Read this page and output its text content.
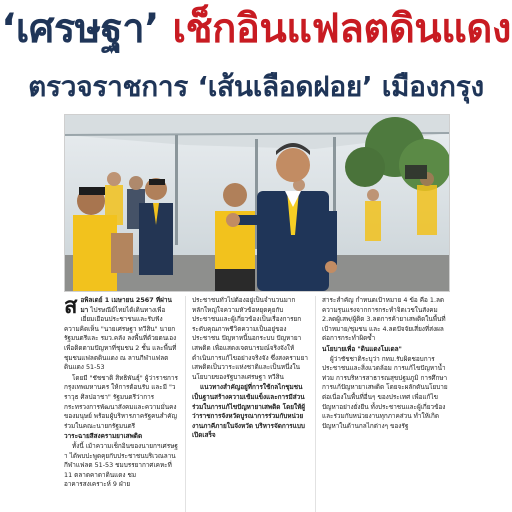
‘เศรษฐา’ เช็กอินแฟลตดินแดง
ตรวจราชการ ‘เส้นเลือดฝอย’ เมืองกรุง

สอพิลเดย์ 1 เมษายน 2567 ที่ผ่านมา ไปรษณีย์ไทยได้เดินทางเพื่อเยี่ยมเยือนประชาชนและรับฟังความคิดเห็น "นายเศรษฐา ทวีสิน" นายกรัฐมนตรีและ รมว.คลัง ลงพื้นที่ด้วยตนเองเพื่อติดตามปัญหาที่ชุมชน 2 ชั้น และพื้นที่ชุมชนแฟลตดินแดง ณ ลานกีฬาแฟลตดินแดง 51-53

โดยมี "ชัชชาติ สิทธิพันธุ์" ผู้ว่าราชการกรุงเทพมหานคร ให้การต้อนรับ และมี "วราวุธ ศิลปอาชา" รัฐมนตรีว่าการกระทรวงการพัฒนาสังคมและความมั่นคงของมนุษย์ พร้อมผู้บริหารภาครัฐคนสำคัญร่วมในคณะนายกรัฐมนตรี

วาระฉายสีสงครามยาเสพติด

ทั้งนี้ เม้าความเช็กอินของนายกฯเศรษฐา ได้พบปะพูดคุยกับประชาชนบริเวณลานกีฬาแฟลต 51-53 ชมบรรยากาศเคหะที่ 11 ตลาดคาดาดินแดง ชมอาคารสงเคราะห์ 9 ฝ่าย

ประชาชนทั่วไปต้องอยู่เป็นจำนวนมาก หลักใหญ่ใจความหัวข้อหยุดคุยกับประชาชนและผู้เกี่ยวข้องเป็นเรื่องการยกระดับคุณภาพชีวิตความเป็นอยู่ของประชาชน ปัญหาหนี้นอกระบบ ปัญหายาเสพติด เพื่อแสดงเจตนารมณ์จริงจังให้ดำเนินการแก้ไขอย่างจริงจัง ซึ่งสงครามยาเสพติดเป็นวาระแห่งชาติและเป็นหนึ่งในนโยบายของรัฐบาลเศรษฐา ทวีสิน

แนวทางสำคัญอยู่ที่การใช้กลไกชุมชน เป็นฐานสร้างความเข้มแข็งและการมีส่วนร่วมในการแก้ไขปัญหายาเสพติด โดยให้ผู้ว่าราชการจังหวัดบูรณาการร่วมกับหน่วยงานภาคีภายในจังหวัด บริหารจัดการแบบเปิดเสร็จ

สาระสำคัญ กำหนดเป้าหมาย 4 ข้อ คือ 1.ลดความรุนแรงจากการกระทำจิตเวชในสังคม 2.ลดผู้เสพ/ผู้ติด 3.ลดการค้ายาเสพติดในพื้นที่เป้าหมาย/ชุมชน และ 4.ลดปัจจัยเสี่ยงที่ส่งผลต่อการกระทำผิดซ้ำ

นโยบายเพื่อ "ดินแดงโมเดล"

ผู้ว่าชัชชาติระบุว่า กทม.รับผิดชอบการประชาชนและสิ่งแวดล้อม การแก้ไขปัญหาน้ำท่วม การบริหารสาธารณสุขปฐมภูมิ การศึกษา การแก้ปัญหายาเสพติด โดยจะผลักดันนโยบายต่อเนื่องในพื้นที่อื่นๆ ของประเทศ เพื่อแก้ไขปัญหาอย่างยั่งยืน ทั้งประชาชนและผู้เกี่ยวข้องและร่วมกับหน่วยงานทุกภาคส่วน ทำให้เกิดปัญหาในด้านกลไกต่างๆ ของรัฐ
